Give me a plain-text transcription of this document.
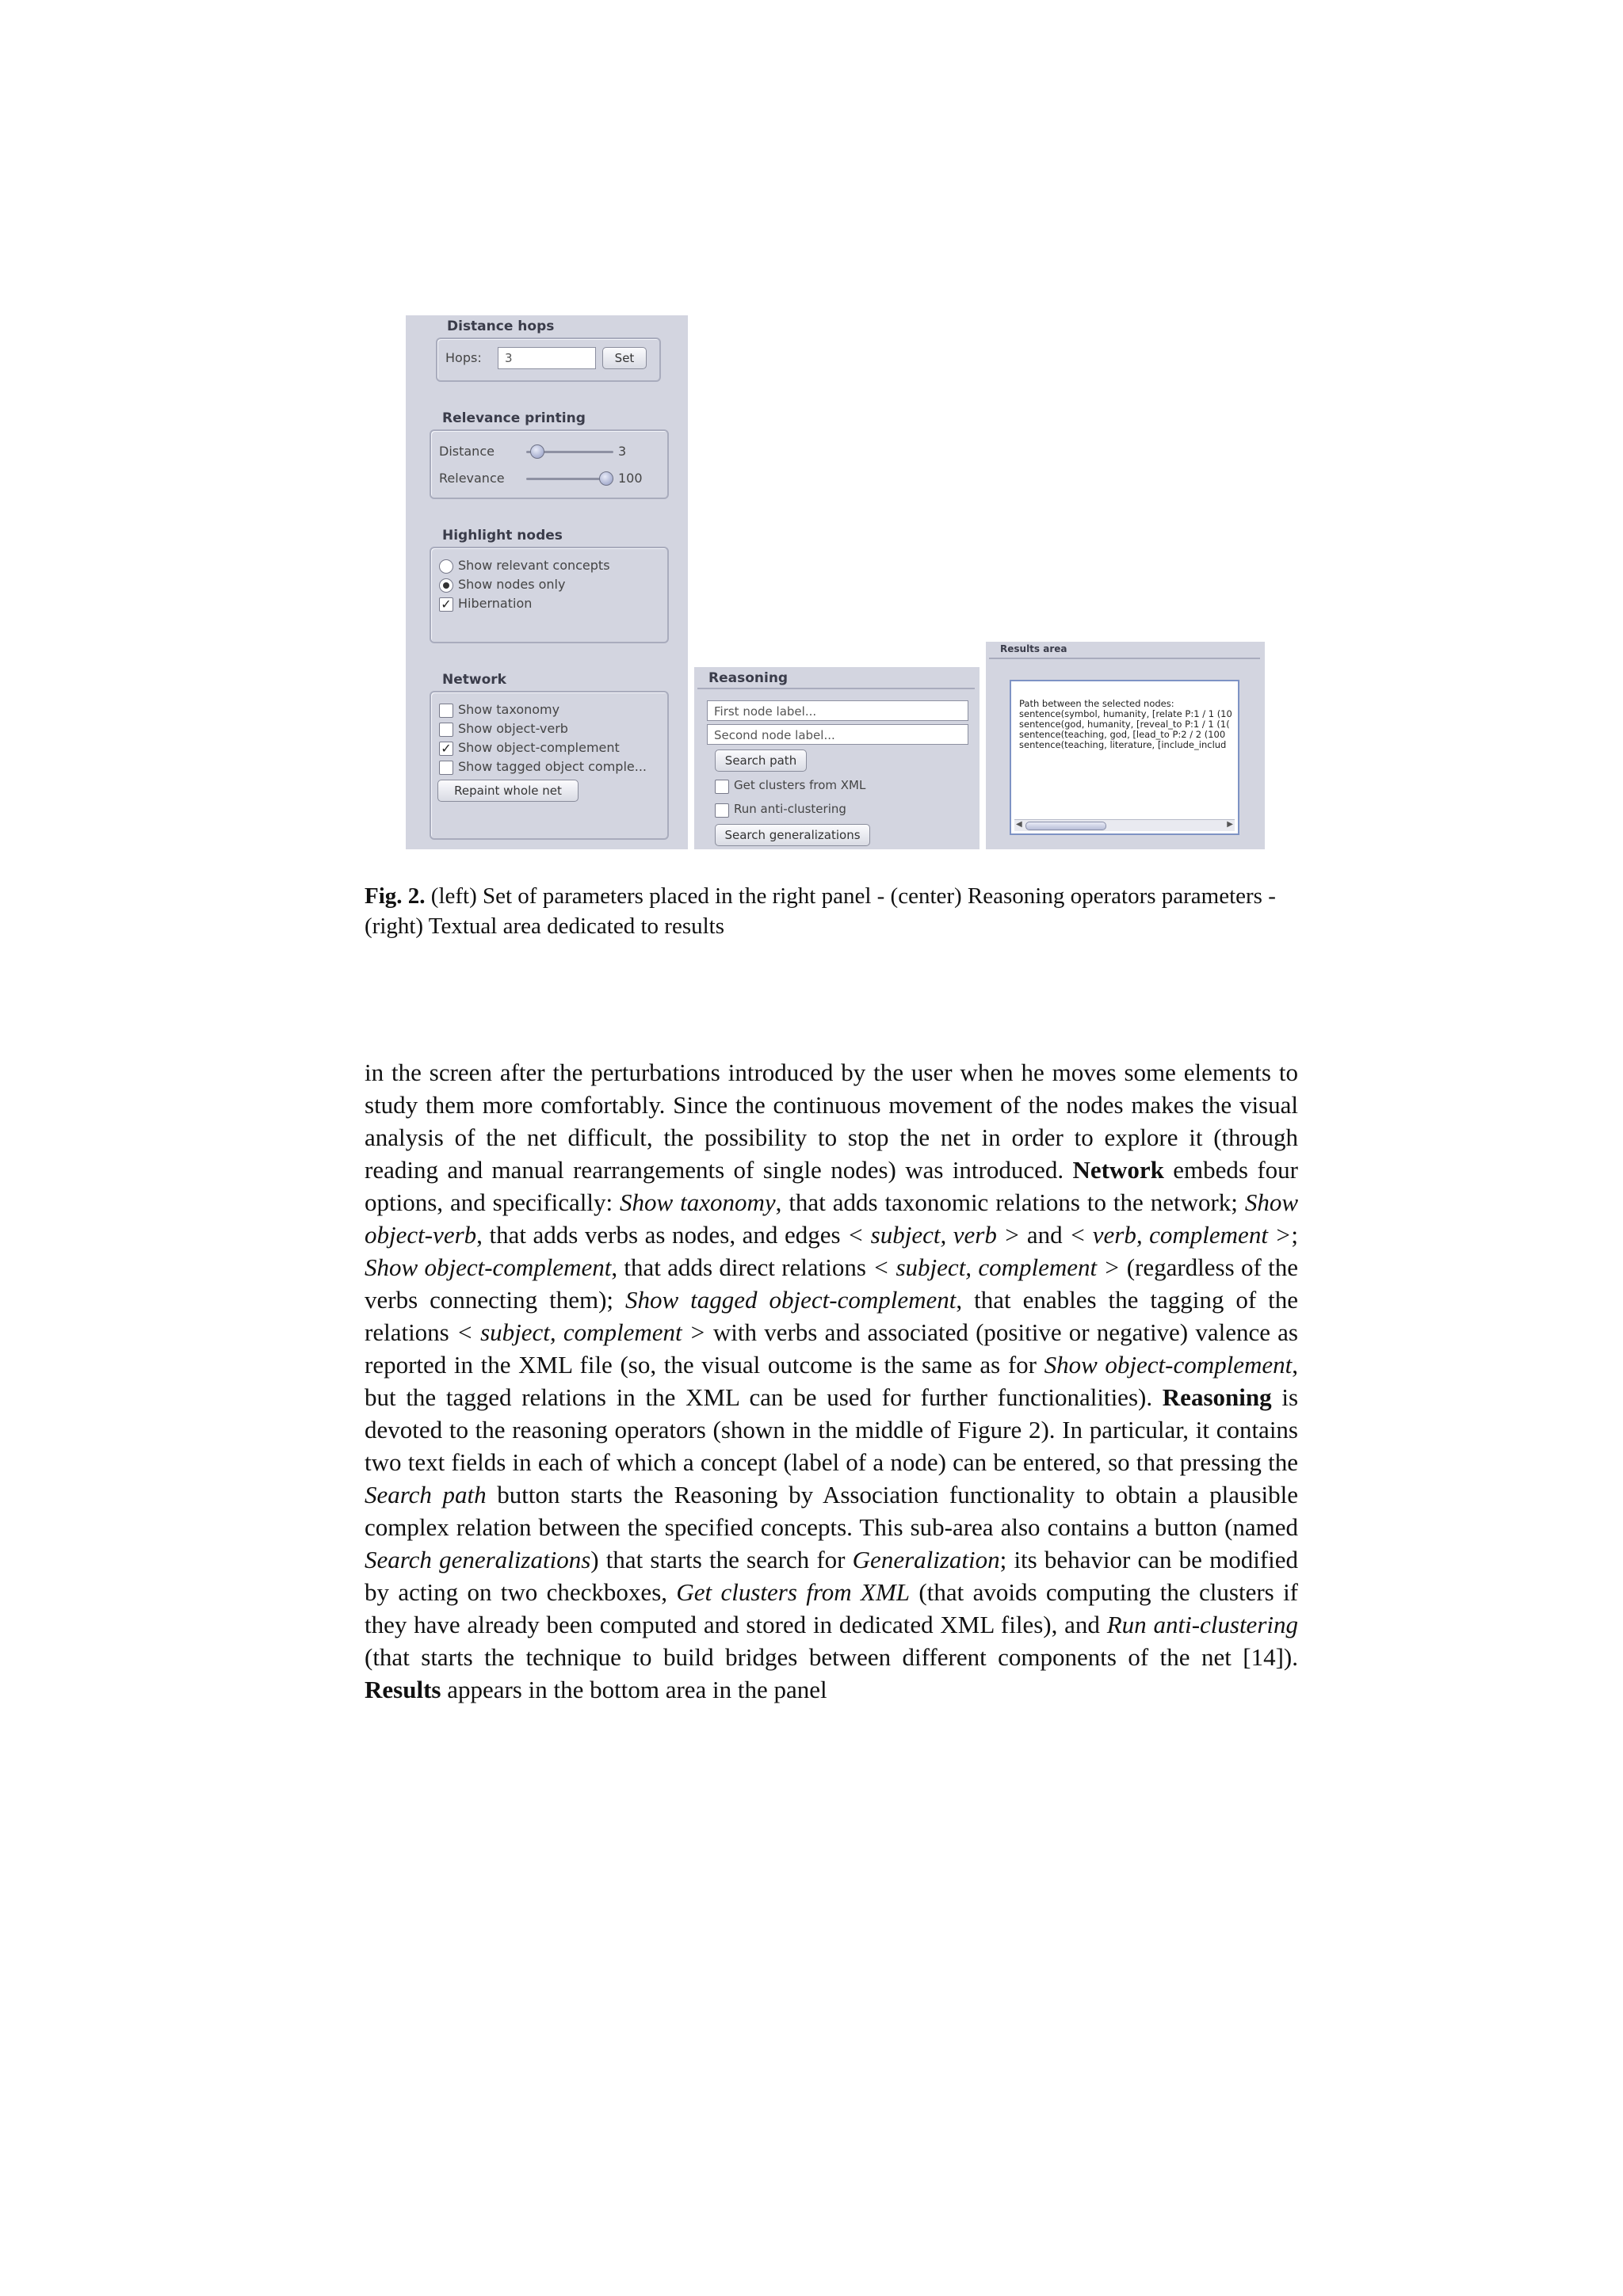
Distance hops
Hops:	3	Set
Relevance printing
Distance	3
Relevance	100
Highlight nodes
Show relevant concepts
Show nodes only
✓ Hibernation
Network
Show taxonomy
Show object-verb
✓ Show object-complement
Show tagged object comple...
Repaint whole net
Reasoning
First node label...
Second node label...
Search path
Get clusters from XML
Run anti-clustering
Search generalizations
Results area
Path between the selected nodes:
sentence(symbol, humanity, [relate P:1 / 1 (10
sentence(god, humanity, [reveal_to P:1 / 1 (1(
sentence(teaching, god, [lead_to P:2 / 2 (100
sentence(teaching, literature, [include_includ
◀	▶
Fig. 2. (left) Set of parameters placed in the right panel - (center) Reasoning operators parameters - (right) Textual area dedicated to results

in the screen after the perturbations introduced by the user when he moves some elements to study them more comfortably. Since the continuous movement of the nodes makes the visual analysis of the net difficult, the possibility to stop the net in order to explore it (through reading and manual rearrangements of single nodes) was introduced. Network embeds four options, and specifically: Show taxonomy, that adds taxonomic relations to the network; Show object-verb, that adds verbs as nodes, and edges < subject, verb > and < verb, complement >; Show object-complement, that adds direct relations < subject, complement > (regardless of the verbs connecting them); Show tagged object-complement, that enables the tagging of the relations < subject, complement > with verbs and associated (positive or negative) valence as reported in the XML file (so, the visual outcome is the same as for Show object-complement, but the tagged relations in the XML can be used for further functionalities). Reasoning is devoted to the reasoning operators (shown in the middle of Figure 2). In particular, it contains two text fields in each of which a concept (label of a node) can be entered, so that pressing the Search path button starts the Reasoning by Association functionality to obtain a plausible complex relation between the specified concepts. This sub-area also contains a button (named Search generalizations) that starts the search for Generalization; its behavior can be modified by acting on two checkboxes, Get clusters from XML (that avoids computing the clusters if they have already been computed and stored in dedicated XML files), and Run anti-clustering (that starts the technique to build bridges between different components of the net [14]). Results appears in the bottom area in the panel
